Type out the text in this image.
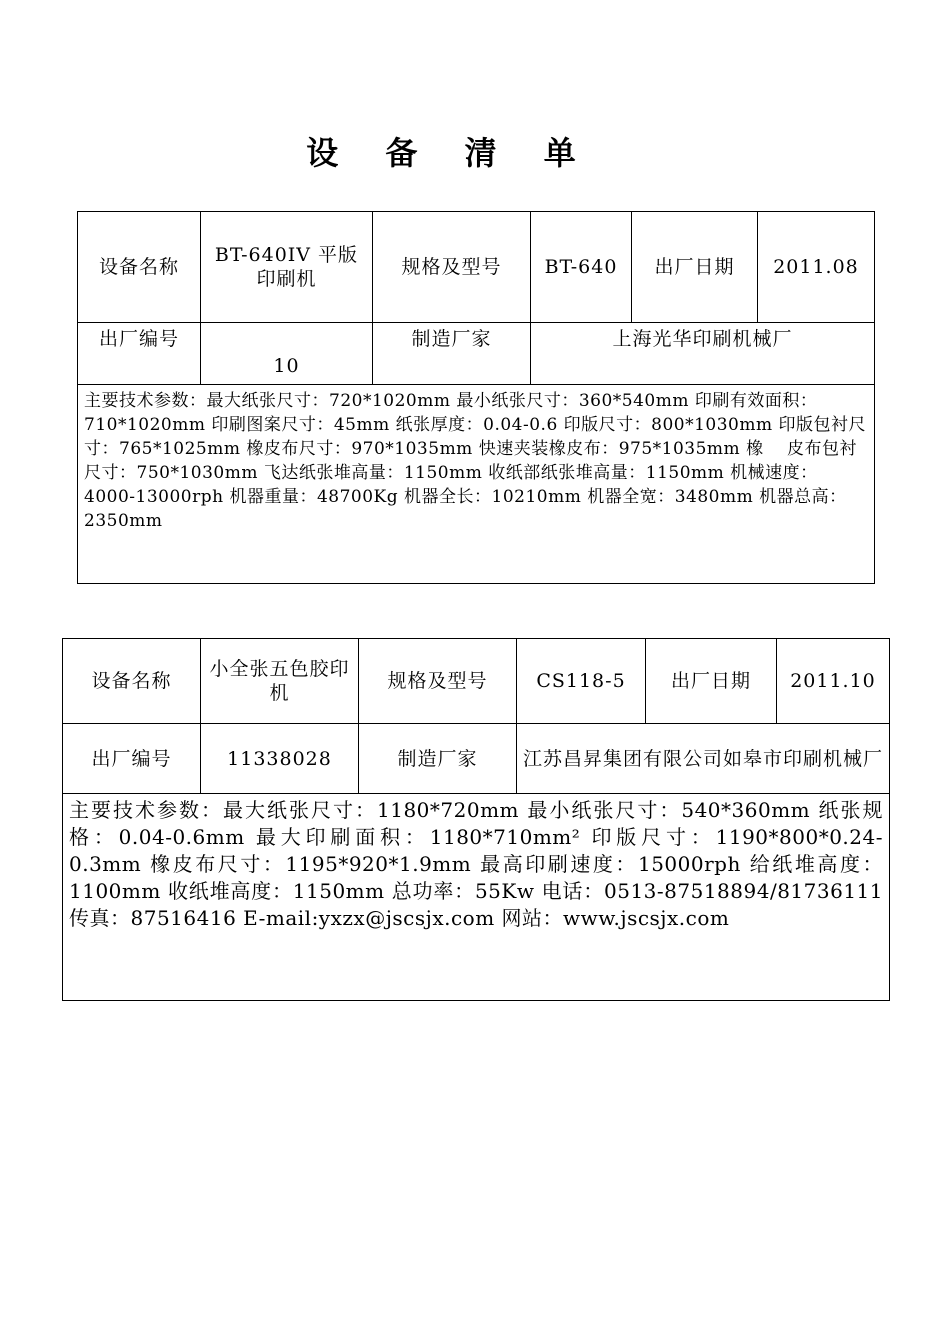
设 备 清 单
设备名称	BT-640IV 平版印刷机	规格及型号	BT-640	出厂日期	2011.08
出厂编号	10	制造厂家	上海光华印刷机械厂		
主要技术参数：最大纸张尺寸：720*1020mm 最小纸张尺寸：360*540mm 印刷有效面积：710*1020mm 印刷图案尺寸：45mm 纸张厚度：0.04-0.6 印版尺寸：800*1030mm 印版包衬尺寸：765*1025mm 橡皮布尺寸：970*1035mm 快速夹装橡皮布：975*1035mm 橡　 皮布包衬尺寸：750*1030mm 飞达纸张堆高量：1150mm 收纸部纸张堆高量：1150mm 机械速度：4000-13000rph 机器重量：48700Kg 机器全长：10210mm 机器全宽：3480mm 机器总高：2350mm					
设备名称	小全张五色胶印机	规格及型号	CS118-5	出厂日期	2011.10
出厂编号	11338028	制造厂家	江苏昌昇集团有限公司如皋市印刷机械厂		
主要技术参数：最大纸张尺寸：1180*720mm 最小纸张尺寸：540*360mm 纸张规格：0.04-0.6mm 最大印刷面积：1180*710mm² 印版尺寸：1190*800*0.24-0.3mm 橡皮布尺寸：1195*920*1.9mm 最高印刷速度：15000rph 给纸堆高度：1100mm 收纸堆高度：1150mm 总功率：55Kw 电话：0513-87518894/81736111 传真：87516416 E-mail:yxzx@jscsjx.com 网站：www.jscsjx.com					
